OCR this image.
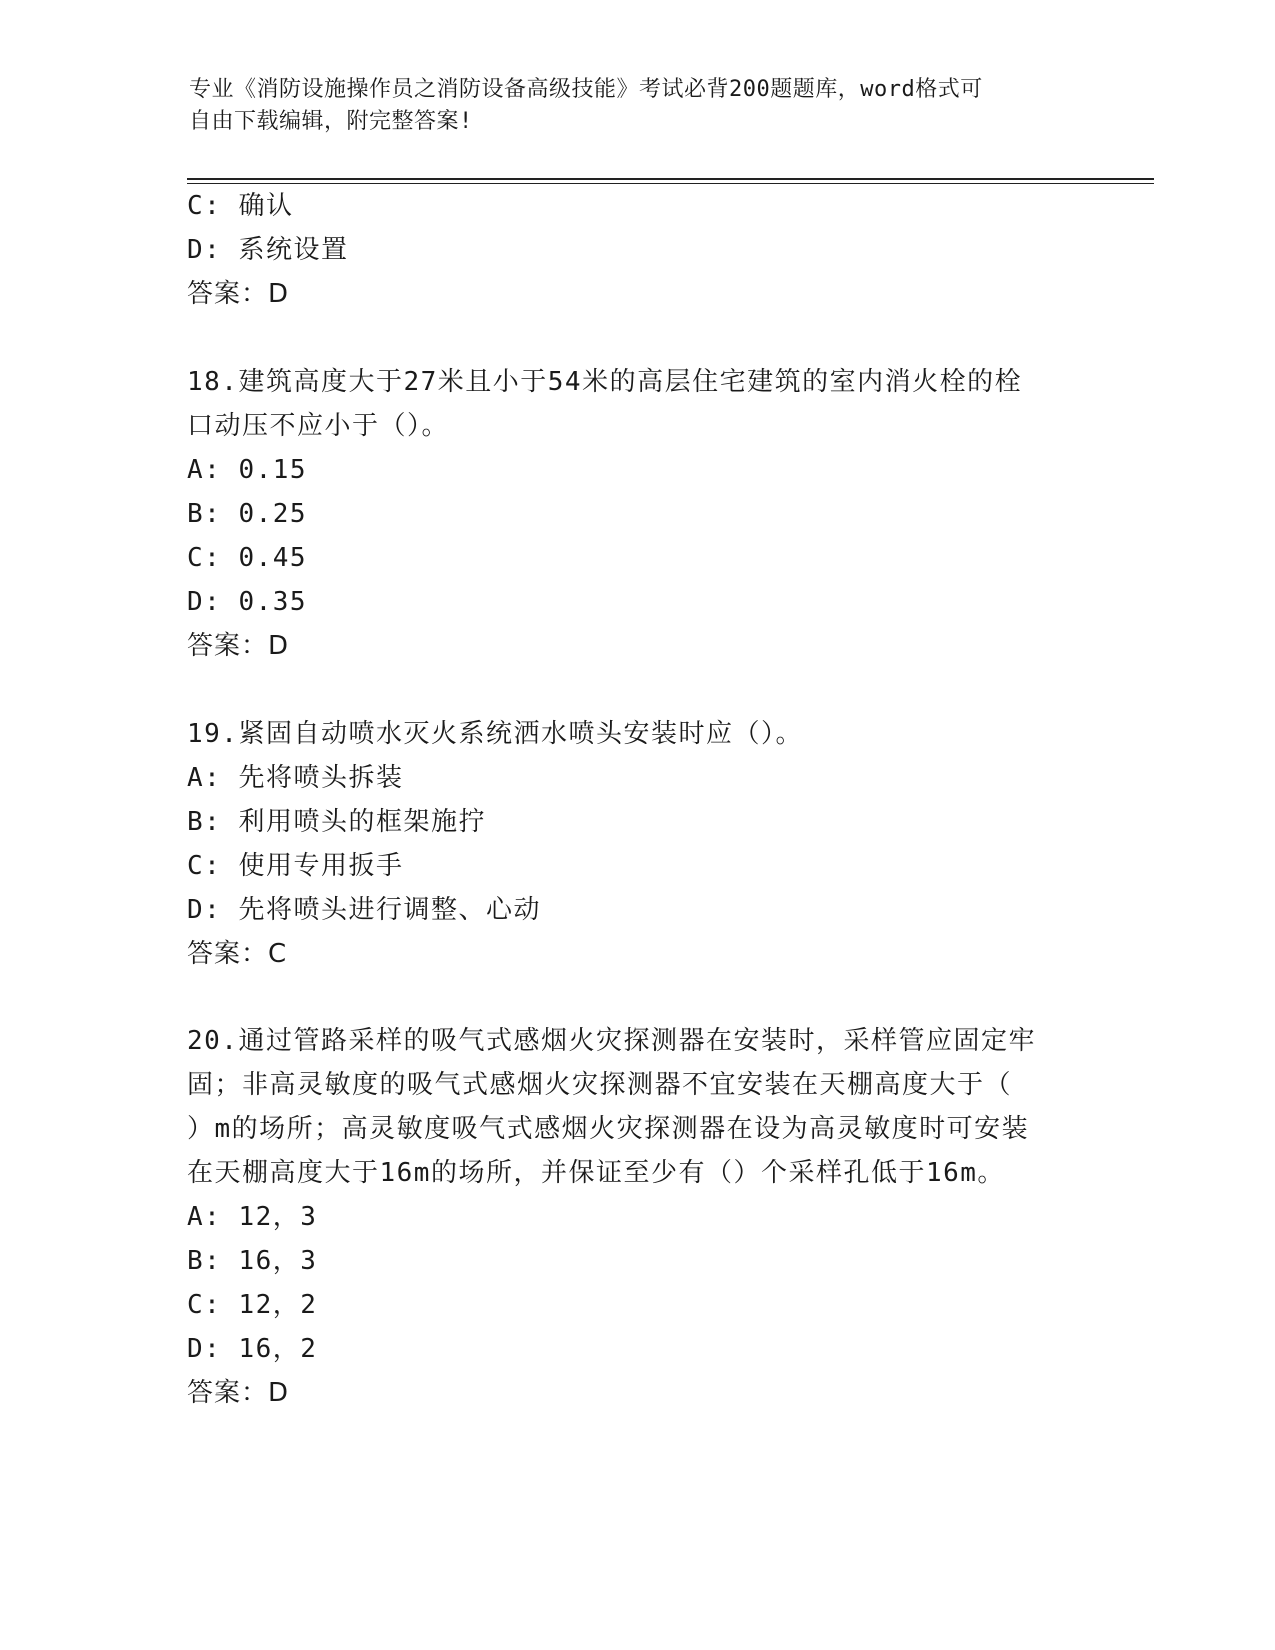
专业《消防设施操作员之消防设备高级技能》考试必背200题题库，word格式可
自由下载编辑，附完整答案!
C: 确认
D: 系统设置
答案：D
18.建筑高度大于27米且小于54米的高层住宅建筑的室内消火栓的栓
口动压不应小于（）。
A: 0.15
B: 0.25
C: 0.45
D: 0.35
答案：D
19.紧固自动喷水灭火系统洒水喷头安装时应（）。
A: 先将喷头拆装
B: 利用喷头的框架施拧
C: 使用专用扳手
D: 先将喷头进行调整、心动
答案：C
20.通过管路采样的吸气式感烟火灾探测器在安装时，采样管应固定牢
固；非高灵敏度的吸气式感烟火灾探测器不宜安装在天棚高度大于（
）m的场所；高灵敏度吸气式感烟火灾探测器在设为高灵敏度时可安装
在天棚高度大于16m的场所，并保证至少有（）个采样孔低于16m。
A: 12，3
B: 16，3
C: 12，2
D: 16，2
答案：D
